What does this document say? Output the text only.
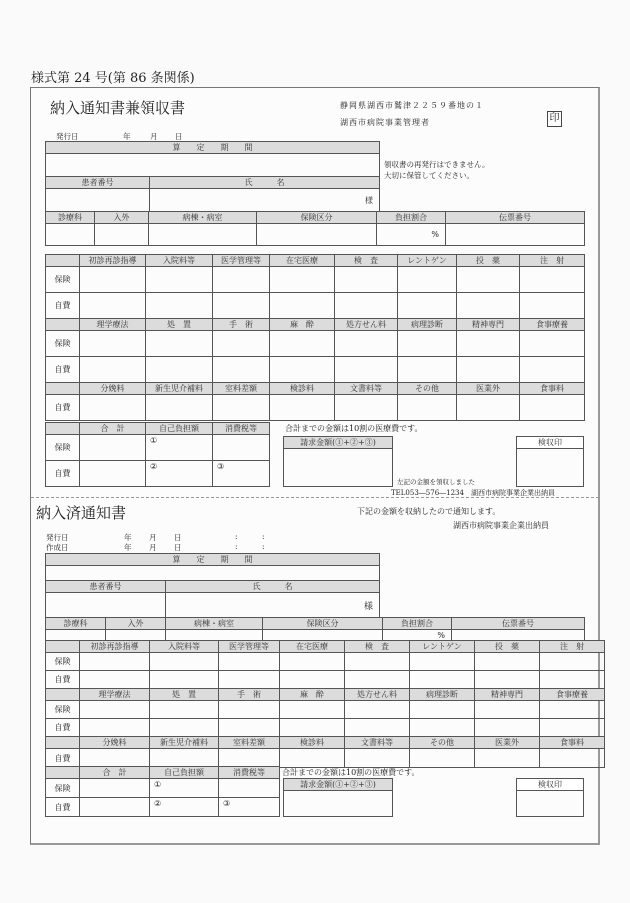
様式第 24 号(第 86 条関係)
納入通知書兼領収書	静岡県湖西市鷲津２２５９番地の１
湖西市病院事業管理者	印
発行日	年	月 日
算　　定　　期　　間	

患者番号	氏　　　名
	様
領収書の再発行はできません。
大切に保管してください。
診療科	入外	病棟・病室	保険区分	負担割合	伝票番号
				%	
	初診再診指導	入院料等	医学管理等	在宅医療	検　査	レントゲン	投　薬	注　射
保険								
自費								
	理学療法	処　置	手　術	麻　酔	処方せん料	病理診断	精神専門	食事療養
保険								
自費								
	分娩料	新生児介補料	室料差額	検診料	文書料等	その他	医業外	食事料
自費								
	合　計	自己負担額	消費税等
保険		①	
自費		②	③
合計までの金額は10割の医療費です。
請求金額(①+②+③)

左記の金額を領収しました
検収印

TEL053―576―1234　湖西市病院事業企業出納員
納入済通知書	下記の金額を収納したので通知します。
湖西市病院事業企業出納員
発行日	年 月 日	:	:
作成日	年 月 日	:	:
算　　定　　期　　間	

患者番号	氏　　　名
	様
診療科	入外	病棟・病室	保険区分	負担割合	伝票番号
				%	
	初診再診指導	入院料等	医学管理等	在宅医療	検　査	レントゲン	投　薬	注　射
保険								
自費								
	理学療法	処　置	手　術	麻　酔	処方せん料	病理診断	精神専門	食事療養
保険								
自費								
	分娩料	新生児介補料	室料差額	検診料	文書料等	その他	医業外	食事料
自費								
	合　計	自己負担額	消費税等
保険		①	
自費		②	③
合計までの金額は10割の医療費です。
請求金額(①+②+③)	検収印
